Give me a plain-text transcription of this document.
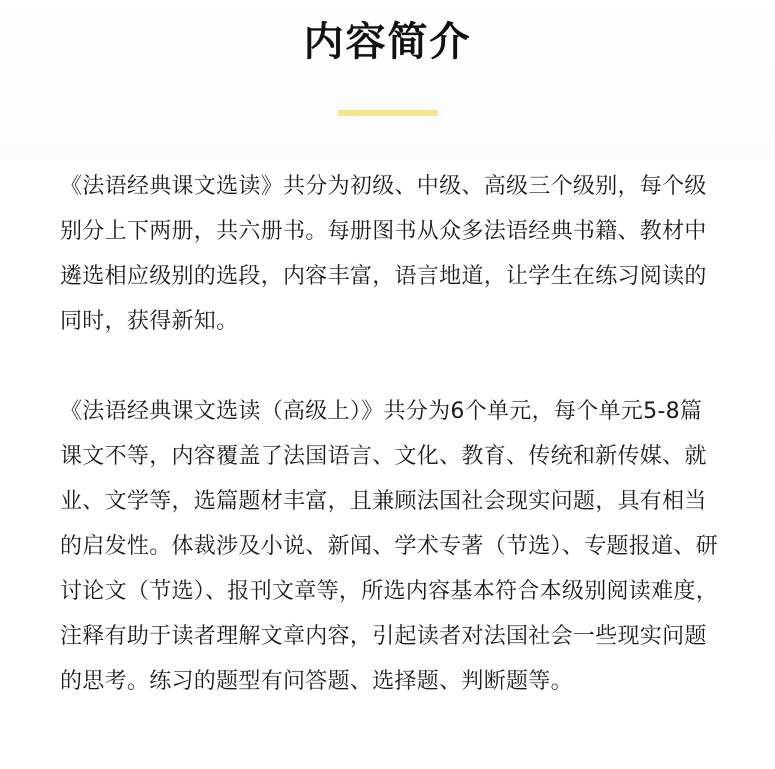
内容简介

《法语经典课文选读》共分为初级、中级、高级三个级别，每个级别分上下两册，共六册书。每册图书从众多法语经典书籍、教材中遴选相应级别的选段，内容丰富，语言地道，让学生在练习阅读的同时，获得新知。

《法语经典课文选读（高级上）》共分为6个单元，每个单元5-8篇课文不等，内容覆盖了法国语言、文化、教育、传统和新传媒、就业、文学等，选篇题材丰富，且兼顾法国社会现实问题，具有相当的启发性。体裁涉及小说、新闻、学术专著（节选）、专题报道、研讨论文（节选）、报刊文章等，所选内容基本符合本级别阅读难度，注释有助于读者理解文章内容，引起读者对法国社会一些现实问题的思考。练习的题型有问答题、选择题、判断题等。
